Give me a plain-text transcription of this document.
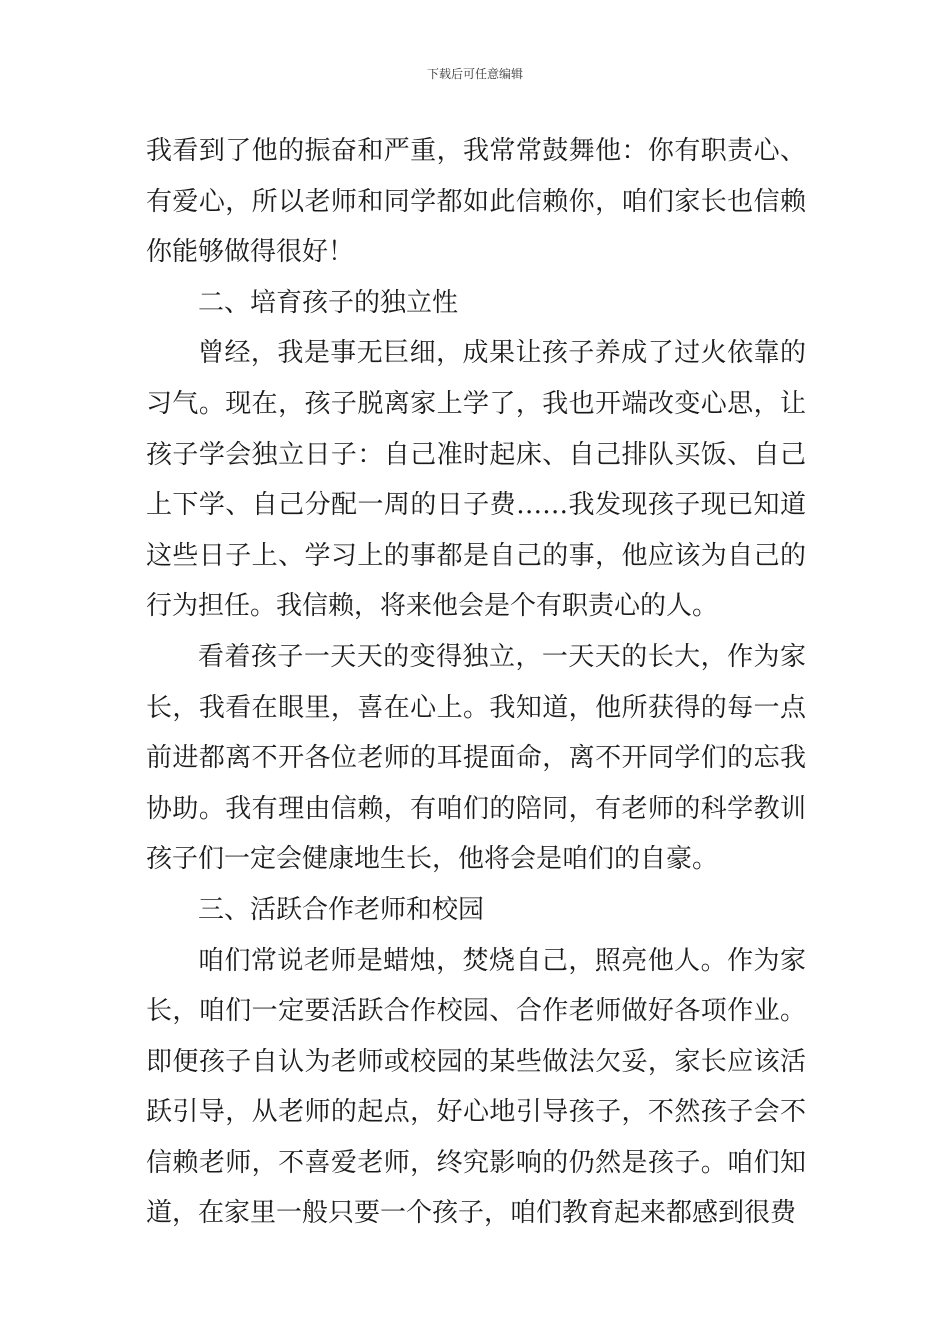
下载后可任意编辑

我看到了他的振奋和严重，我常常鼓舞他：你有职责心、有爱心，所以老师和同学都如此信赖你，咱们家长也信赖你能够做得很好！

二、培育孩子的独立性

曾经，我是事无巨细，成果让孩子养成了过火依靠的习气。现在，孩子脱离家上学了，我也开端改变心思，让孩子学会独立日子：自己准时起床、自己排队买饭、自己上下学、自己分配一周的日子费……我发现孩子现已知道这些日子上、学习上的事都是自己的事，他应该为自己的行为担任。我信赖，将来他会是个有职责心的人。

看着孩子一天天的变得独立，一天天的长大，作为家长，我看在眼里，喜在心上。我知道，他所获得的每一点前进都离不开各位老师的耳提面命，离不开同学们的忘我协助。我有理由信赖，有咱们的陪同，有老师的科学教训孩子们一定会健康地生长，他将会是咱们的自豪。

三、活跃合作老师和校园

咱们常说老师是蜡烛，焚烧自己，照亮他人。作为家长，咱们一定要活跃合作校园、合作老师做好各项作业。即便孩子自认为老师或校园的某些做法欠妥，家长应该活跃引导，从老师的起点，好心地引导孩子，不然孩子会不信赖老师，不喜爱老师，终究影响的仍然是孩子。咱们知道，在家里一般只要一个孩子，咱们教育起来都感到很费
